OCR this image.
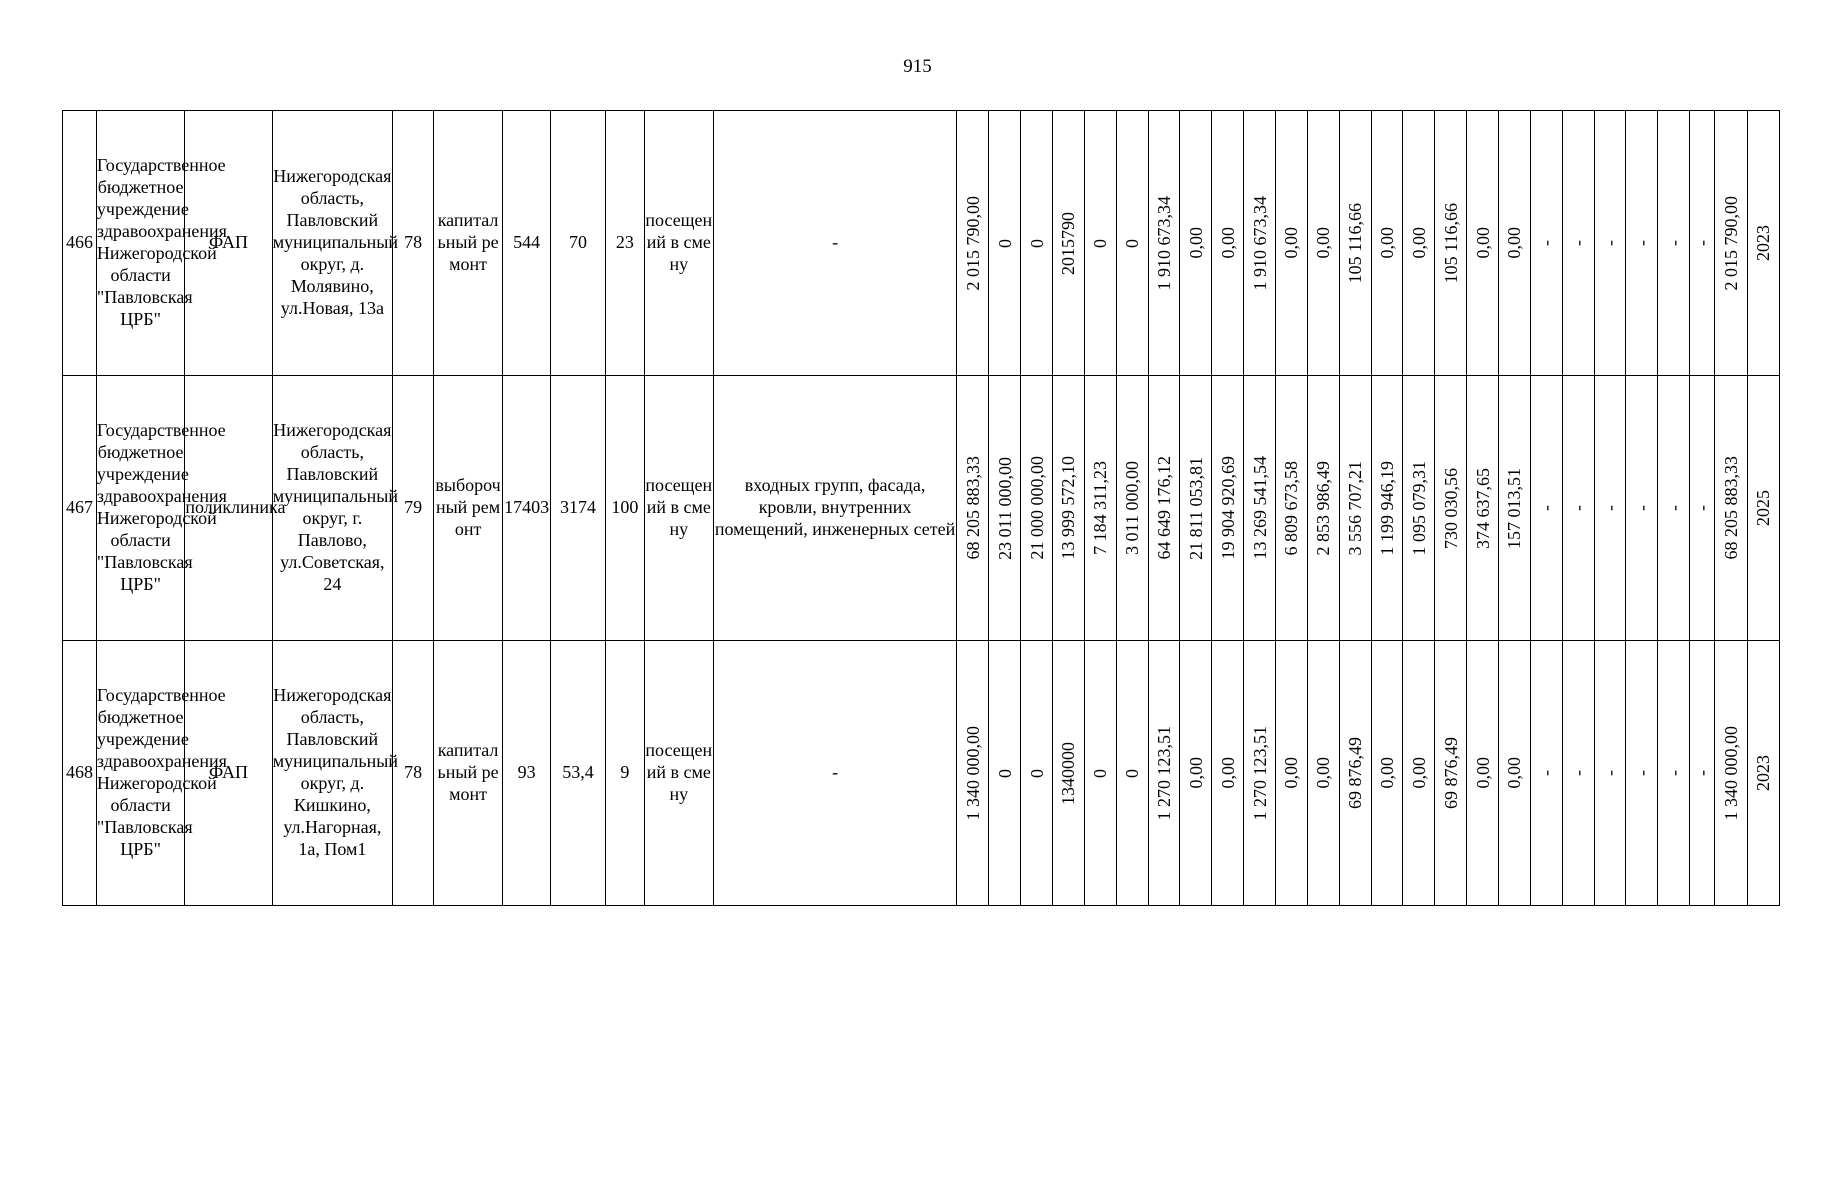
915
466	Государственное бюджетное учреждение здравоохранения Нижегородской области "Павловская ЦРБ"	ФАП	Нижегородская область, Павловский муниципальный округ, д. Молявино, ул.Новая, 13а	78	капитальный ремонт	544	70	23	посещений в смену	-	2 015 790,00	0	0	2015790	0	0	1 910 673,34	0,00	0,00	1 910 673,34	0,00	0,00	105 116,66	0,00	0,00	105 116,66	0,00	0,00	-	-	-	-	-	-	2 015 790,00	2023

467	Государственное бюджетное учреждение здравоохранения Нижегородской области "Павловская ЦРБ"	поликлиника	Нижегородская область, Павловский муниципальный округ, г. Павлово, ул.Советская, 24	79	выборочный ремонт	17403	3174	100	посещений в смену	входных групп, фасада, кровли, внутренних помещений, инженерных сетей	68 205 883,33	23 011 000,00	21 000 000,00	13 999 572,10	7 184 311,23	3 011 000,00	64 649 176,12	21 811 053,81	19 904 920,69	13 269 541,54	6 809 673,58	2 853 986,49	3 556 707,21	1 199 946,19	1 095 079,31	730 030,56	374 637,65	157 013,51	-	-	-	-	-	-	68 205 883,33	2025

468	Государственное бюджетное учреждение здравоохранения Нижегородской области "Павловская ЦРБ"	ФАП	Нижегородская область, Павловский муниципальный округ, д. Кишкино, ул.Нагорная, 1а, Пом1	78	капитальный ремонт	93	53,4	9	посещений в смену	-	1 340 000,00	0	0	1340000	0	0	1 270 123,51	0,00	0,00	1 270 123,51	0,00	0,00	69 876,49	0,00	0,00	69 876,49	0,00	0,00	-	-	-	-	-	-	1 340 000,00	2023
